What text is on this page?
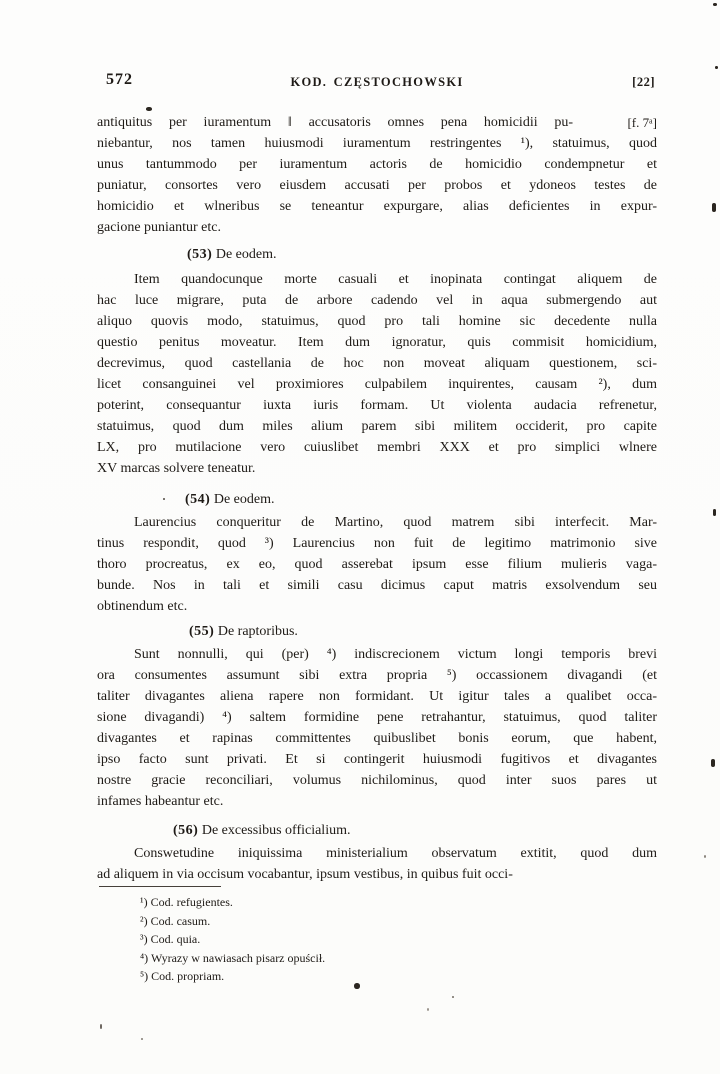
572	KOD. CZĘSTOCHOWSKI	[22]
antiquitus per iuramentum ‖ accusatoris omnes pena homicidii pu-	[f. 7ᵃ]
niebantur, nos tamen huiusmodi iuramentum restringentes ¹), statuimus, quod
unus tantummodo per iuramentum actoris de homicidio condempnetur et
puniatur, consortes vero eiusdem accusati per probos et ydoneos testes de
homicidio et wlneribus se teneantur expurgare, alias deficientes in expur-
gacione puniantur etc.
(53) De eodem.
Item quandocunque morte casuali et inopinata contingat aliquem de
hac luce migrare, puta de arbore cadendo vel in aqua submergendo aut
aliquo quovis modo, statuimus, quod pro tali homine sic decedente nulla
questio penitus moveatur. Item dum ignoratur, quis commisit homicidium,
decrevimus, quod castellania de hoc non moveat aliquam questionem, sci-
licet consanguinei vel proximiores culpabilem inquirentes, causam ²), dum
poterint, consequantur iuxta iuris formam. Ut violenta audacia refrenetur,
statuimus, quod dum miles alium parem sibi militem occiderit, pro capite
LX, pro mutilacione vero cuiuslibet membri XXX et pro simplici wlnere
XV marcas solvere teneatur.
(54) De eodem.
Laurencius conqueritur de Martino, quod matrem sibi interfecit. Mar-
tinus respondit, quod ³) Laurencius non fuit de legitimo matrimonio sive
thoro procreatus, ex eo, quod asserebat ipsum esse filium mulieris vaga-
bunde. Nos in tali et simili casu dicimus caput matris exsolvendum seu
obtinendum etc.
(55) De raptoribus.
Sunt nonnulli, qui (per) ⁴) indiscrecionem victum longi temporis brevi
ora consumentes assumunt sibi extra propria ⁵) occassionem divagandi (et
taliter divagantes aliena rapere non formidant. Ut igitur tales a qualibet occa-
sione divagandi) ⁴) saltem formidine pene retrahantur, statuimus, quod taliter
divagantes et rapinas committentes quibuslibet bonis eorum, que habent,
ipso facto sunt privati. Et si contingerit huiusmodi fugitivos et divagantes
nostre gracie reconciliari, volumus nichilominus, quod inter suos pares ut
infames habeantur etc.
(56) De excessibus officialium.
Conswetudine iniquissima ministerialium observatum extitit, quod dum
ad aliquem in via occisum vocabantur, ipsum vestibus, in quibus fuit occi-
¹) Cod. refugientes.
²) Cod. casum.
³) Cod. quia.
⁴) Wyrazy w nawiasach pisarz opuścił.
⁵) Cod. propriam.
